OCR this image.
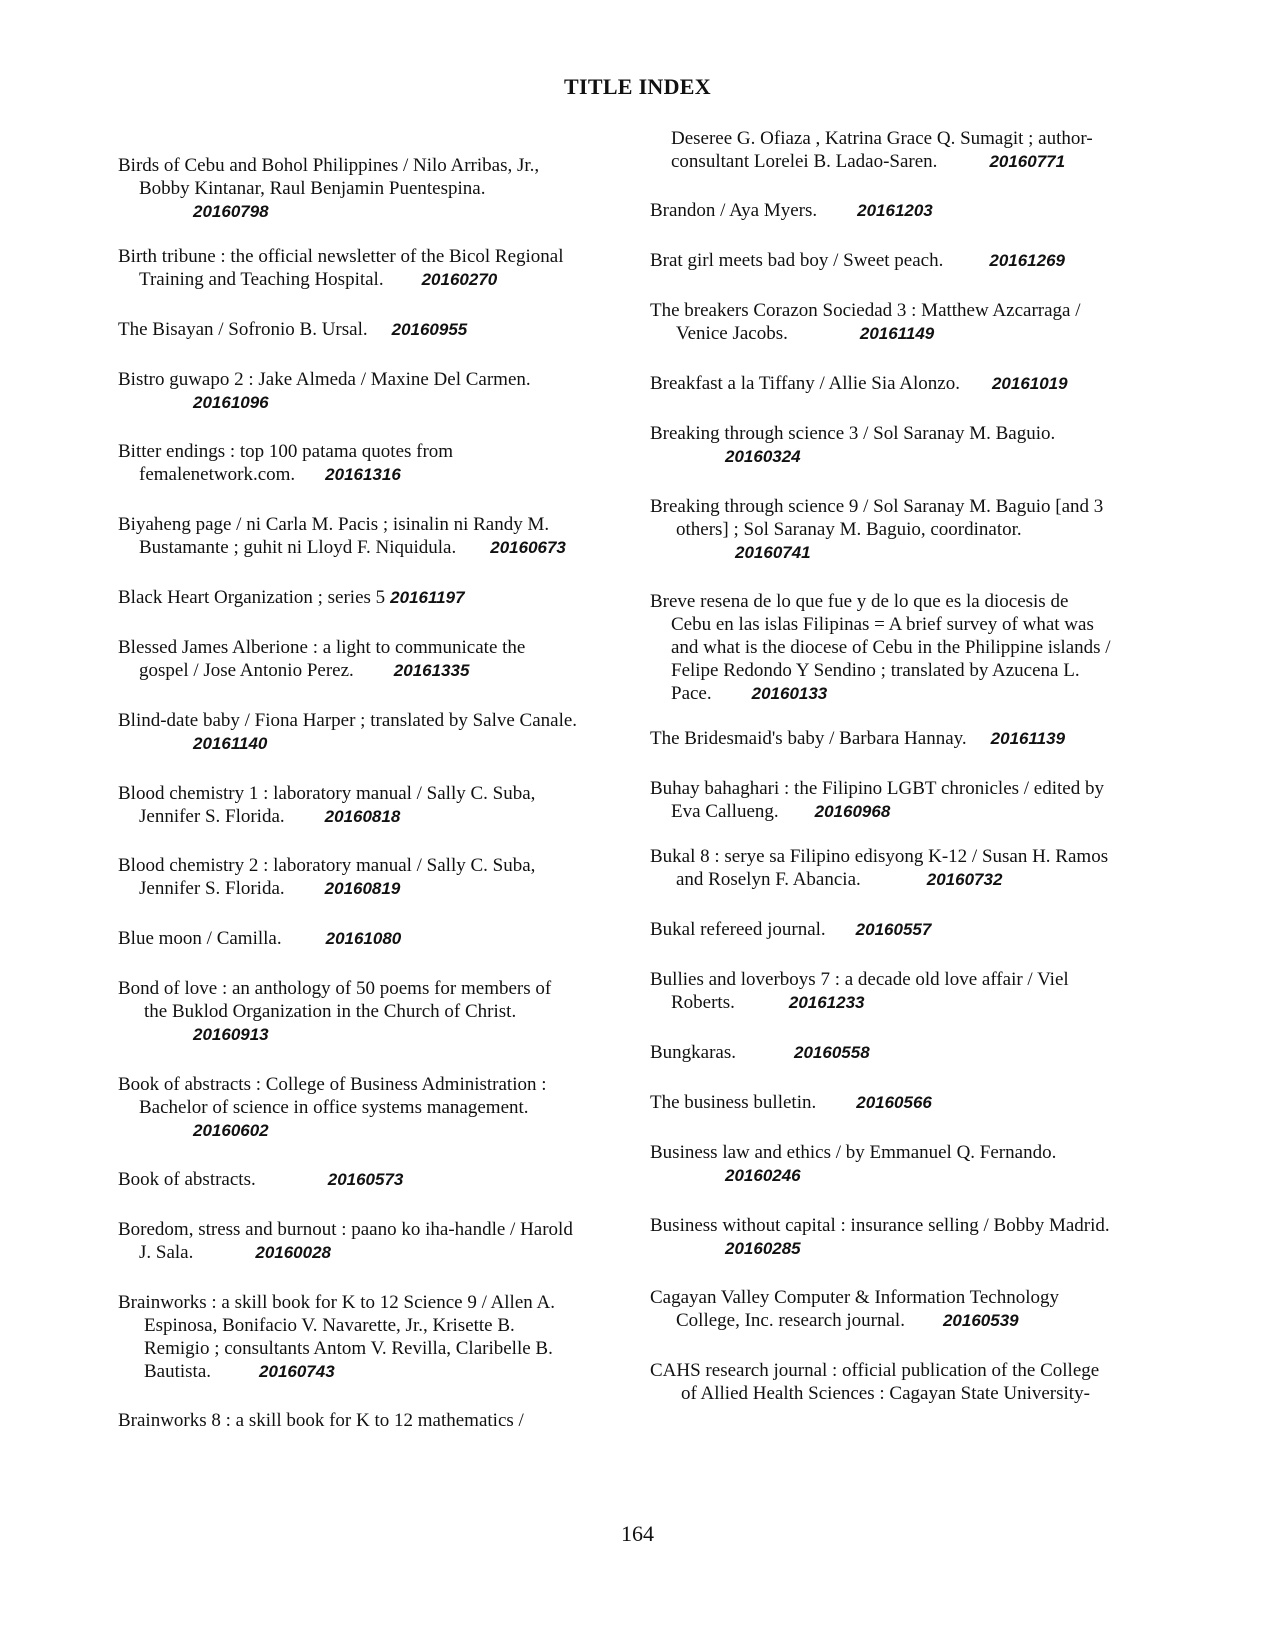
TITLE INDEX
Birds of Cebu and Bohol Philippines / Nilo Arribas, Jr.,
Bobby Kintanar, Raul Benjamin Puentespina.
20160798
Birth tribune : the official newsletter of the Bicol Regional
Training and Teaching Hospital. 20160270
The Bisayan / Sofronio B. Ursal. 20160955
Bistro guwapo 2 : Jake Almeda / Maxine Del Carmen.
20161096
Bitter endings : top 100 patama quotes from
femalenetwork.com. 20161316
Biyaheng page / ni Carla M. Pacis ; isinalin ni Randy M.
Bustamante ; guhit ni Lloyd F. Niquidula. 20160673
Black Heart Organization ; series 5 20161197
Blessed James Alberione : a light to communicate the
gospel / Jose Antonio Perez. 20161335
Blind-date baby / Fiona Harper ; translated by Salve Canale.
20161140
Blood chemistry 1 : laboratory manual / Sally C. Suba,
Jennifer S. Florida. 20160818
Blood chemistry 2 : laboratory manual / Sally C. Suba,
Jennifer S. Florida. 20160819
Blue moon / Camilla.	20161080
Bond of love : an anthology of 50 poems for members of
the Buklod Organization in the Church of Christ.
20160913
Book of abstracts : College of Business Administration :
Bachelor of science in office systems management.
20160602
Book of abstracts.	20160573
Boredom, stress and burnout : paano ko iha-handle / Harold
J. Sala.	20160028
Brainworks : a skill book for K to 12 Science 9 / Allen A.
Espinosa, Bonifacio V. Navarette, Jr., Krisette B.
Remigio ; consultants Antom V. Revilla, Claribelle B.
Bautista.	20160743
Brainworks 8 : a skill book for K to 12 mathematics /
Deseree G. Ofiaza , Katrina Grace Q. Sumagit ; author-
consultant Lorelei B. Ladao-Saren.	20160771
Brandon / Aya Myers. 20161203
Brat girl meets bad boy / Sweet peach.	20161269
The breakers Corazon Sociedad 3 : Matthew Azcarraga /
Venice Jacobs.	20161149
Breakfast a la Tiffany / Allie Sia Alonzo. 20161019
Breaking through science 3 / Sol Saranay M. Baguio.
20160324
Breaking through science 9 / Sol Saranay M. Baguio [and 3
others] ; Sol Saranay M. Baguio, coordinator.
20160741
Breve resena de lo que fue y de lo que es la diocesis de
Cebu en las islas Filipinas = A brief survey of what was
and what is the diocese of Cebu in the Philippine islands /
Felipe Redondo Y Sendino ; translated by Azucena L.
Pace. 20160133
The Bridesmaid's baby / Barbara Hannay. 20161139
Buhay bahaghari : the Filipino LGBT chronicles / edited by
Eva Callueng. 20160968
Bukal 8 : serye sa Filipino edisyong K-12 / Susan H. Ramos
and Roselyn F. Abancia.	20160732
Bukal refereed journal. 20160557
Bullies and loverboys 7 : a decade old love affair / Viel
Roberts.	20161233
Bungkaras.	20160558
The business bulletin. 20160566
Business law and ethics / by Emmanuel Q. Fernando.
20160246
Business without capital : insurance selling / Bobby Madrid.
20160285
Cagayan Valley Computer & Information Technology
College, Inc. research journal. 20160539
CAHS research journal : official publication of the College
of Allied Health Sciences : Cagayan State University-
164
